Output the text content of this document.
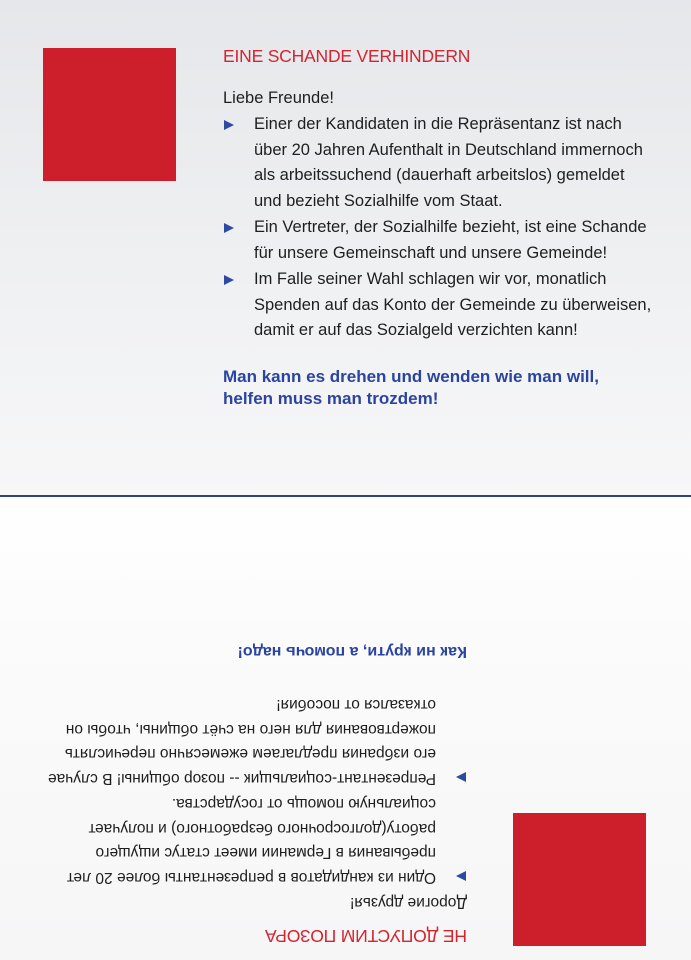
EINE SCHANDE VERHINDERN
Liebe Freunde!
Einer der Kandidaten in die Repräsentanz ist nach über 20 Jahren Aufenthalt in Deutschland immernoch als arbeitssuchend (dauerhaft arbeitslos) gemeldet und bezieht Sozialhilfe vom Staat.
Ein Vertreter, der Sozialhilfe bezieht, ist eine Schande für unsere Gemeinschaft und unsere Gemeinde!
Im Falle seiner Wahl schlagen wir vor, monatlich Spenden auf das Konto der Gemeinde zu überweisen, damit er auf das Sozialgeld verzichten kann!
Man kann es drehen und wenden wie man will, helfen muss man trozdem!
НЕ ДОПУСТИМ ПОЗОРА
Дорогие друзья!
Один из кандидатов в репрезентанты более 20 лет пребывания в Германии имеет статус ищущего работу(долгосрочного безработного) и получает социальную помощь от государства.
Репрезентант-социальщик -- позор общины! В случае его избрания предлагаем ежемесячно перечислять пожертвования для него на счёт общины, чтобы он отказался от пособия!
Как ни крути, а помочь надо!
